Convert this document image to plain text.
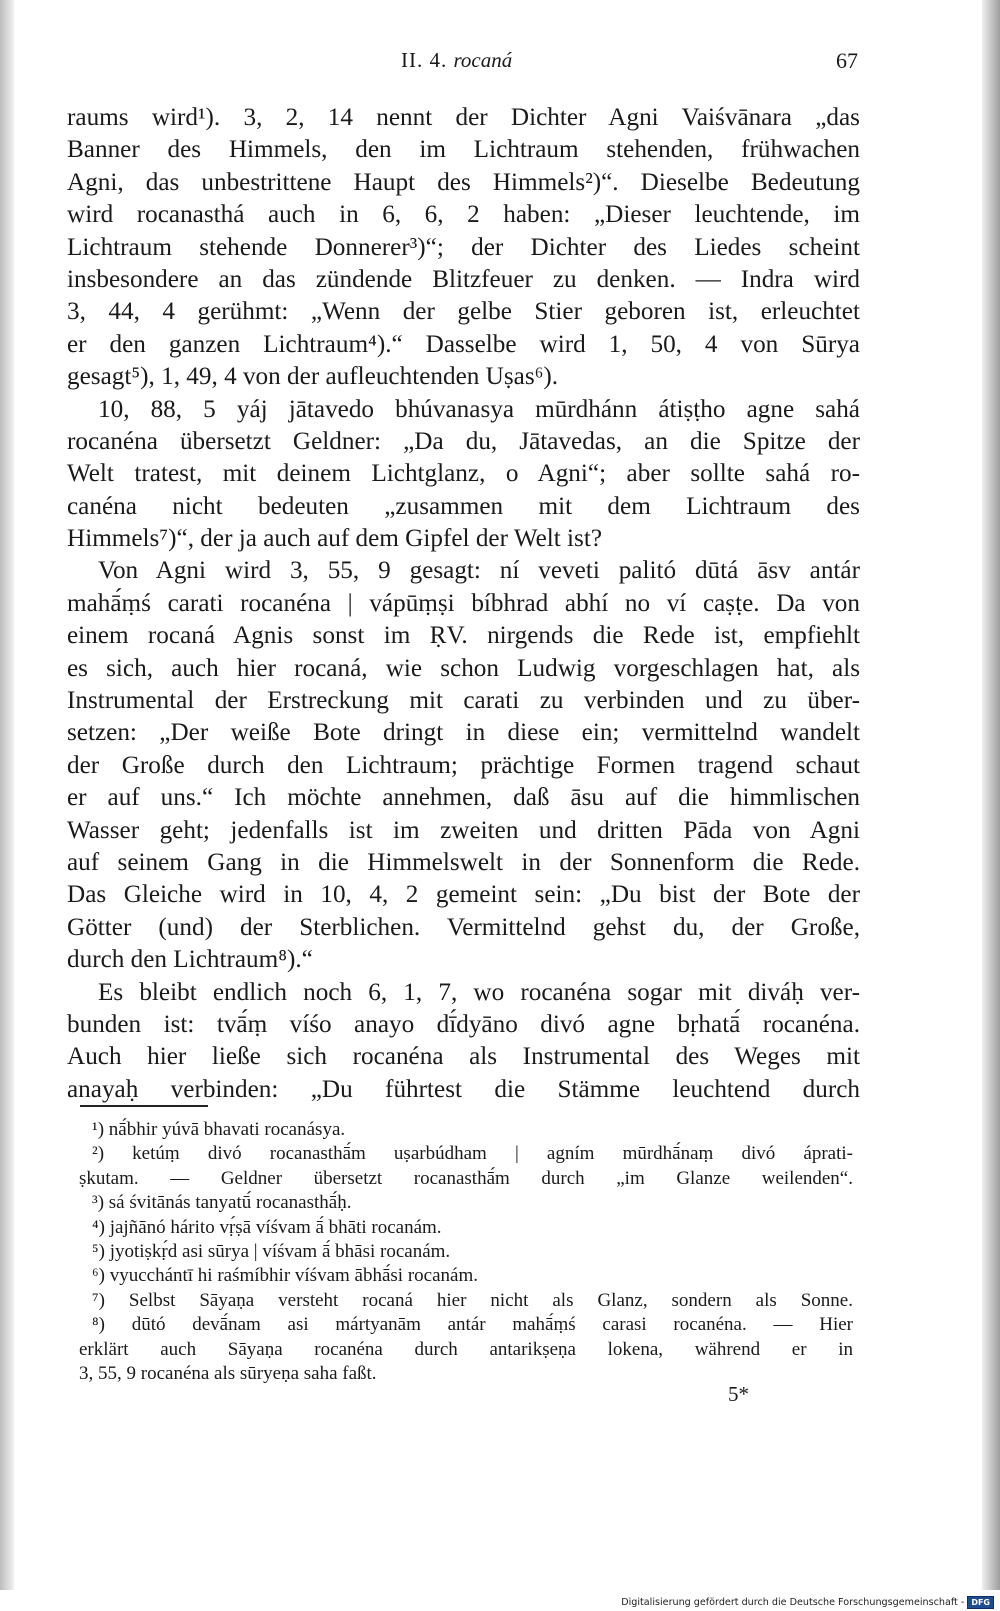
II. 4. rocaná	67
raums wird¹). 3, 2, 14 nennt der Dichter Agni Vaiśvānara „das
Banner des Himmels, den im Lichtraum stehenden, frühwachen
Agni, das unbestrittene Haupt des Himmels²)“. Dieselbe Bedeutung
wird rocanasthá auch in 6, 6, 2 haben: „Dieser leuchtende, im
Lichtraum stehende Donnerer³)“; der Dichter des Liedes scheint
insbesondere an das zündende Blitzfeuer zu denken. — Indra wird
3, 44, 4 gerühmt: „Wenn der gelbe Stier geboren ist, erleuchtet
er den ganzen Lichtraum⁴).“ Dasselbe wird 1, 50, 4 von Sūrya
gesagt⁵), 1, 49, 4 von der aufleuchtenden Uṣas⁶).
10, 88, 5 yáj jātavedo bhúvanasya mūrdhánn átiṣṭho agne sahá
rocanéna übersetzt Geldner: „Da du, Jātavedas, an die Spitze der
Welt tratest, mit deinem Lichtglanz, o Agni“; aber sollte sahá ro-
canéna nicht bedeuten „zusammen mit dem Lichtraum des
Himmels⁷)“, der ja auch auf dem Gipfel der Welt ist?
Von Agni wird 3, 55, 9 gesagt: ní veveti palitó dūtá āsv antár
mahā́ṃś carati rocanéna | vápūṃṣi bíbhrad abhí no ví caṣṭe. Da von
einem rocaná Agnis sonst im ṚV. nirgends die Rede ist, empfiehlt
es sich, auch hier rocaná, wie schon Ludwig vorgeschlagen hat, als
Instrumental der Erstreckung mit carati zu verbinden und zu über-
setzen: „Der weiße Bote dringt in diese ein; vermittelnd wandelt
der Große durch den Lichtraum; prächtige Formen tragend schaut
er auf uns.“ Ich möchte annehmen, daß āsu auf die himmlischen
Wasser geht; jedenfalls ist im zweiten und dritten Pāda von Agni
auf seinem Gang in die Himmelswelt in der Sonnenform die Rede.
Das Gleiche wird in 10, 4, 2 gemeint sein: „Du bist der Bote der
Götter (und) der Sterblichen. Vermittelnd gehst du, der Große,
durch den Lichtraum⁸).“
Es bleibt endlich noch 6, 1, 7, wo rocanéna sogar mit diváḥ ver-
bunden ist: tvā́ṃ víśo anayo dī́dyāno divó agne bṛhatā́ rocanéna.
Auch hier ließe sich rocanéna als Instrumental des Weges mit
anayaḥ verbinden: „Du führtest die Stämme leuchtend durch
¹) nā́bhir yúvā bhavati rocanásya.
²) ketúṃ divó rocanasthā́m uṣarbúdham | agním mūrdhā́naṃ divó áprati-
ṣkutam. — Geldner übersetzt rocanasthā́m durch „im Glanze weilenden“.
³) sá śvitānás tanyatū́ rocanasthā́ḥ.
⁴) jajñānó hárito vṛ́ṣā víśvam ā́ bhāti rocanám.
⁵) jyotiṣkṛ́d asi sūrya | víśvam ā́ bhāsi rocanám.
⁶) vyucchántī hi raśmíbhir víśvam ābhā́si rocanám.
⁷) Selbst Sāyaṇa versteht rocaná hier nicht als Glanz, sondern als Sonne.
⁸) dūtó devā́nam asi mártyanām antár mahā́ṃś carasi rocanéna. — Hier
erklärt auch Sāyaṇa rocanéna durch antarikṣeṇa lokena, während er in
3, 55, 9 rocanéna als sūryeṇa saha faßt.
5*
Digitalisierung gefördert durch die Deutsche Forschungsgemeinschaft - DFG
